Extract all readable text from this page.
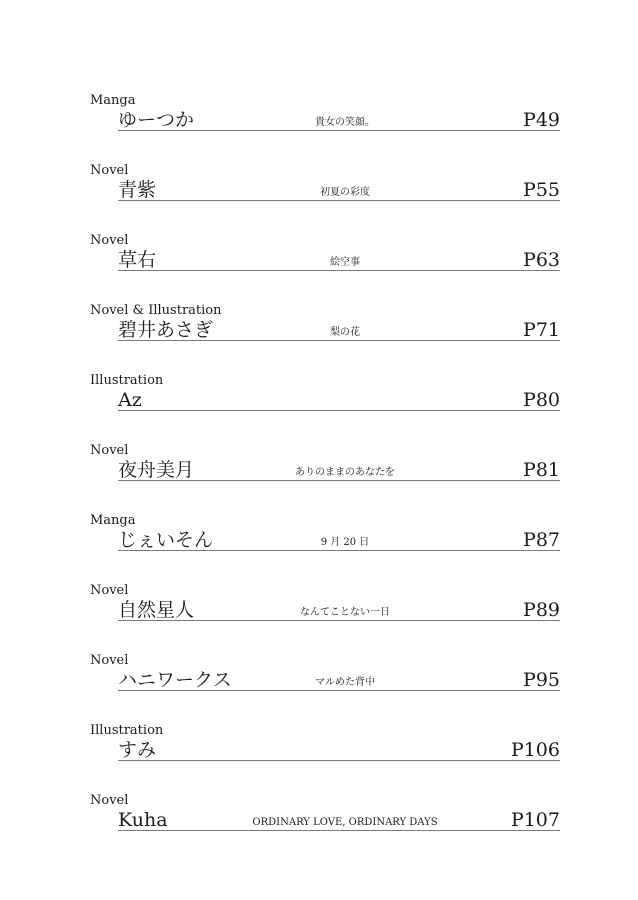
Manga
ゆーつか	貴女の笑顔。	P49
Novel
青紫	初夏の彩度	P55
Novel
草右	絵空事	P63
Novel & Illustration
碧井あさぎ	梨の花	P71
Illustration
Az	P80
Novel
夜舟美月	ありのままのあなたを	P81
Manga
じぇいそん	9 月 20 日	P87
Novel
自然星人	なんてことない一日	P89
Novel
ハニワークス	マルめた背中	P95
Illustration
すみ	P106
Novel
Kuha	ORDINARY LOVE, ORDINARY DAYS	P107
